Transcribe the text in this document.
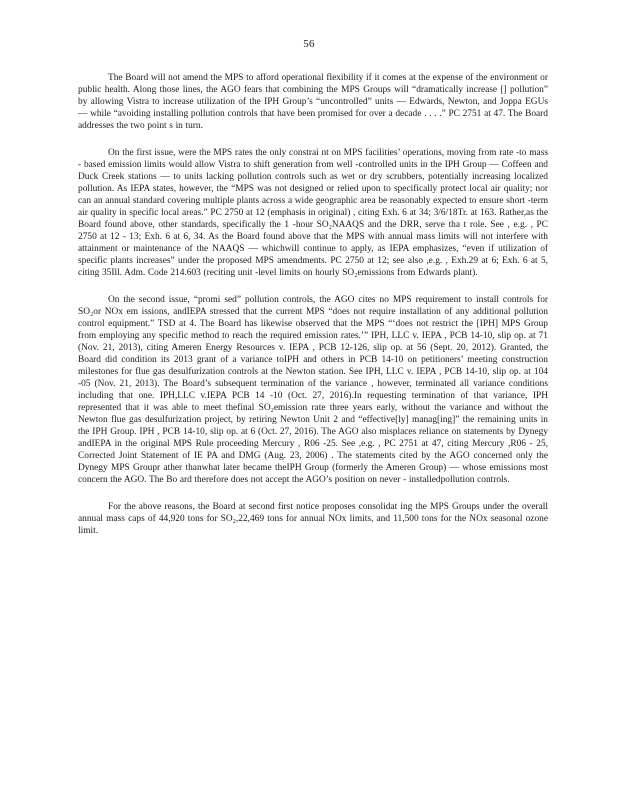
56

The Board will not amend the MPS to afford operational flexibility if it comes at the expense of the environment or public health. Along those lines, the AGO fears that combining the MPS Groups will “dramatically increase [] pollution” by allowing Vistra to increase utilization of the IPH Group’s “uncontrolled” units — Edwards, Newton, and Joppa EGUs — while “avoiding installing pollution controls that have been promised for over a decade . . . .” PC 2751 at 47. The Board addresses the two point s in turn.

On the first issue, were the MPS rates the only constrai nt on MPS facilities’ operations, moving from rate -to mass - based emission limits would allow Vistra to shift generation from well -controlled units in the IPH Group — Coffeen and Duck Creek stations — to units lacking pollution controls such as wet or dry scrubbers, potentially increasing localized pollution. As IEPA states, however, the “MPS was not designed or relied upon to specifically protect local air quality; nor can an annual standard covering multiple plants across a wide geographic area be reasonably expected to ensure short -term air quality in specific local areas.” PC 2750 at 12 (emphasis in original) , citing Exh. 6 at 34; 3/6/18Tr. at 163. Rather,as the Board found above, other standards, specifically the 1 -hour SO₂NAAQS and the DRR, serve tha t role. See , e.g. , PC 2750 at 12 - 13; Exh. 6 at 6, 34. As the Board found above that the MPS with annual mass limits will not interfere with attainment or maintenance of the NAAQS — whichwill continue to apply, as IEPA emphasizes, “even if utilization of specific plants increases” under the proposed MPS amendments. PC 2750 at 12; see also ,e.g. , Exh.29 at 6; Exh. 6 at 5, citing 35Ill. Adm. Code 214.603 (reciting unit -level limits on hourly SO₂emissions from Edwards plant).

On the second issue, “promi sed” pollution controls, the AGO cites no MPS requirement to install controls for SO₂or NOx em issions, andIEPA stressed that the current MPS “does not require installation of any additional pollution control equipment.” TSD at 4. The Board has likewise observed that the MPS “‘does not restrict the [IPH] MPS Group from employing any specific method to reach the required emission rates.’” IPH, LLC v. IEPA , PCB 14-10, slip op. at 71 (Nov. 21, 2013), citing Ameren Energy Resources v. IEPA , PCB 12-126, slip op. at 56 (Sept. 20, 2012). Granted, the Board did condition its 2013 grant of a variance toIPH and others in PCB 14-10 on petitioners’ meeting construction milestones for flue gas desulfurization controls at the Newton station. See IPH, LLC v. IEPA , PCB 14-10, slip op. at 104 -05 (Nov. 21, 2013). The Board’s subsequent termination of the variance , however, terminated all variance conditions including that one. IPH,LLC v.IEPA PCB 14 -10 (Oct. 27, 2016).In requesting termination of that variance, IPH represented that it was able to meet thefinal SO₂emission rate three years early, without the variance and without the Newton flue gas desulfurization project, by retiring Newton Unit 2 and “effective[ly] manag[ing]” the remaining units in the IPH Group. IPH , PCB 14-10, slip op. at 6 (Oct. 27, 2016). The AGO also misplaces reliance on statements by Dynegy andIEPA in the original MPS Rule proceeding Mercury , R06 -25. See ,e.g. , PC 2751 at 47, citing Mercury ,R06 - 25, Corrected Joint Statement of IE PA and DMG (Aug. 23, 2006) . The statements cited by the AGO concerned only the Dynegy MPS Groupr ather thanwhat later became theIPH Group (formerly the Ameren Group) — whose emissions most concern the AGO. The Bo ard therefore does not accept the AGO’s position on never - installedpollution controls.

For the above reasons, the Board at second first notice proposes consolidat ing the MPS Groups under the overall annual mass caps of 44,920 tons for SO₂,22,469 tons for annual NOx limits, and 11,500 tons for the NOx seasonal ozone limit.
